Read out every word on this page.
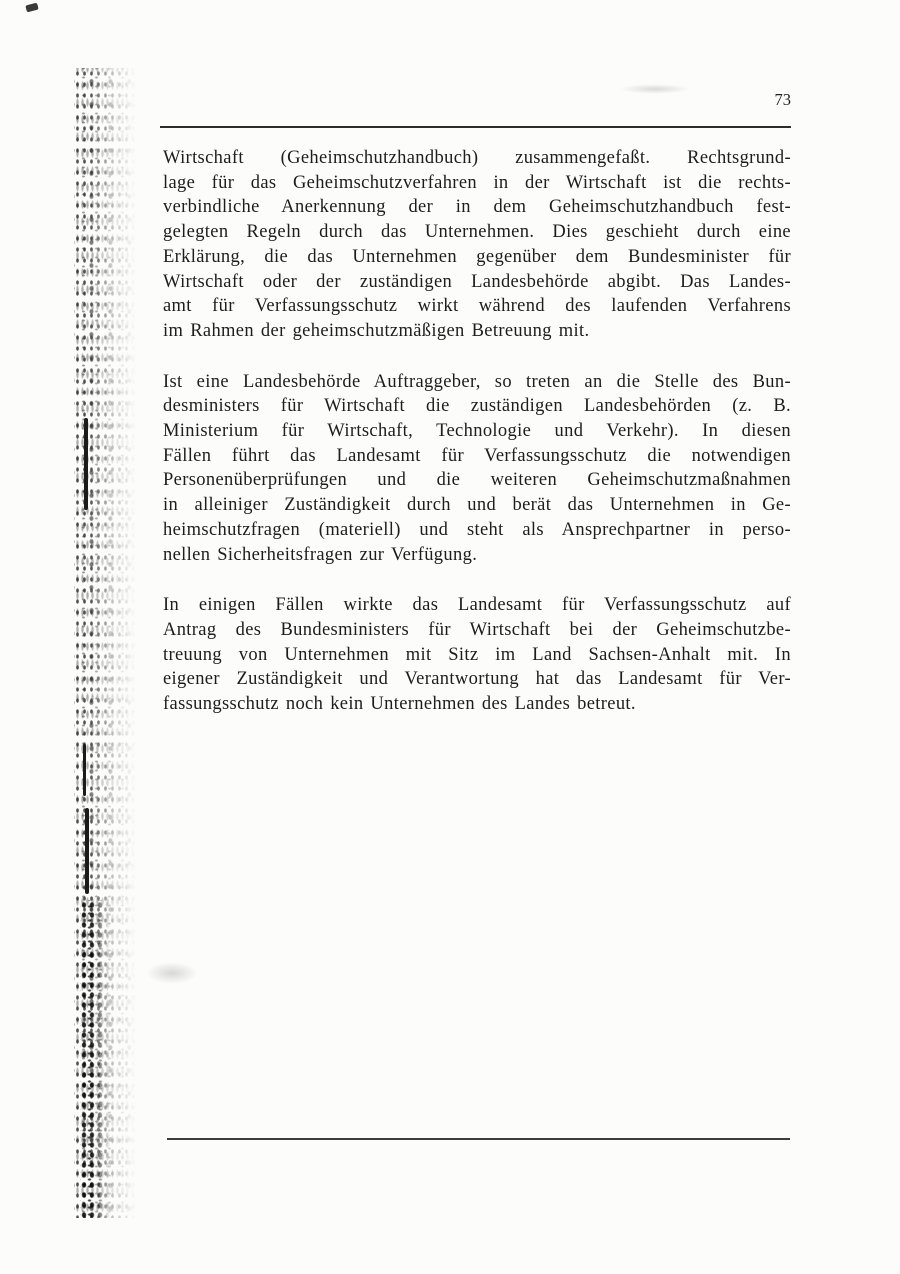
73
Wirtschaft (Geheimschutzhandbuch) zusammengefaßt. Rechtsgrund-
lage für das Geheimschutzverfahren in der Wirtschaft ist die rechts-
verbindliche Anerkennung der in dem Geheimschutzhandbuch fest-
gelegten Regeln durch das Unternehmen. Dies geschieht durch eine
Erklärung, die das Unternehmen gegenüber dem Bundesminister für
Wirtschaft oder der zuständigen Landesbehörde abgibt. Das Landes-
amt für Verfassungsschutz wirkt während des laufenden Verfahrens
im Rahmen der geheimschutzmäßigen Betreuung mit.
Ist eine Landesbehörde Auftraggeber, so treten an die Stelle des Bun-
desministers für Wirtschaft die zuständigen Landesbehörden (z. B.
Ministerium für Wirtschaft, Technologie und Verkehr). In diesen
Fällen führt das Landesamt für Verfassungsschutz die notwendigen
Personenüberprüfungen und die weiteren Geheimschutzmaßnahmen
in alleiniger Zuständigkeit durch und berät das Unternehmen in Ge-
heimschutzfragen (materiell) und steht als Ansprechpartner in perso-
nellen Sicherheitsfragen zur Verfügung.
In einigen Fällen wirkte das Landesamt für Verfassungsschutz auf
Antrag des Bundesministers für Wirtschaft bei der Geheimschutzbe-
treuung von Unternehmen mit Sitz im Land Sachsen-Anhalt mit. In
eigener Zuständigkeit und Verantwortung hat das Landesamt für Ver-
fassungsschutz noch kein Unternehmen des Landes betreut.
